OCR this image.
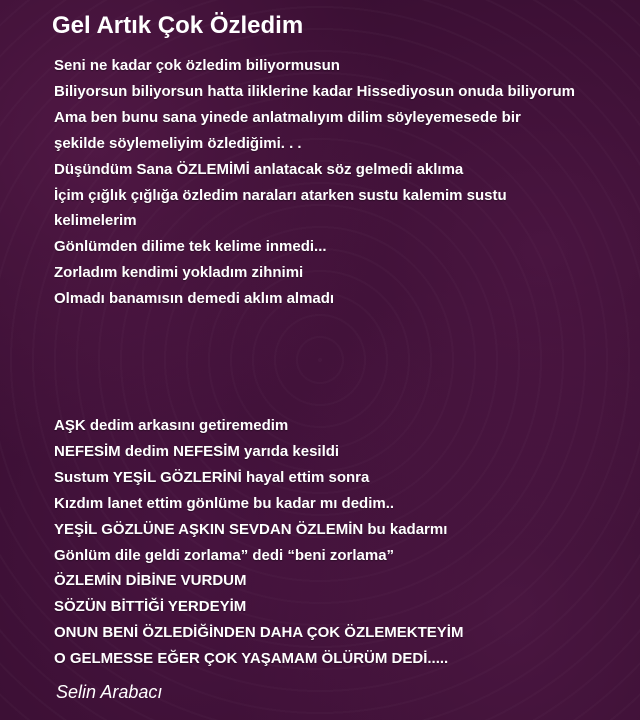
Gel Artık Çok Özledim
Seni ne kadar çok özledim biliyormusun
Biliyorsun biliyorsun hatta iliklerine kadar Hissediyosun onuda biliyorum
Ama ben bunu sana yinede anlatmalıyım dilim söyleyemesede bir
şekilde söylemeliyim özlediğimi. . .
Düşündüm Sana ÖZLEMİMİ anlatacak söz gelmedi aklıma
İçim çığlık çığlığa özledim naraları atarken sustu kalemim sustu
kelimelerim
Gönlümden dilime tek kelime inmedi...
Zorladım kendimi yokladım zihnimi
Olmadı banamısın demedi aklım almadı
AŞK dedim arkasını getiremedim
NEFESİM dedim NEFESİM yarıda kesildi
Sustum YEŞİL GÖZLERİNİ hayal ettim sonra
Kızdım lanet ettim gönlüme bu kadar mı dedim..
YEŞİL GÖZLÜNE AŞKIN SEVDAN ÖZLEMİN bu kadarmı
Gönlüm dile geldi zorlama” dedi “beni zorlama”
ÖZLEMİN DİBİNE VURDUM
SÖZÜN BİTTİĞİ YERDEYİM
ONUN BENİ ÖZLEDİĞİNDEN DAHA ÇOK ÖZLEMEKTEYİM
O GELMESSE EĞER ÇOK YAŞAMAM ÖLÜRÜM DEDİ.....
Selin Arabacı
